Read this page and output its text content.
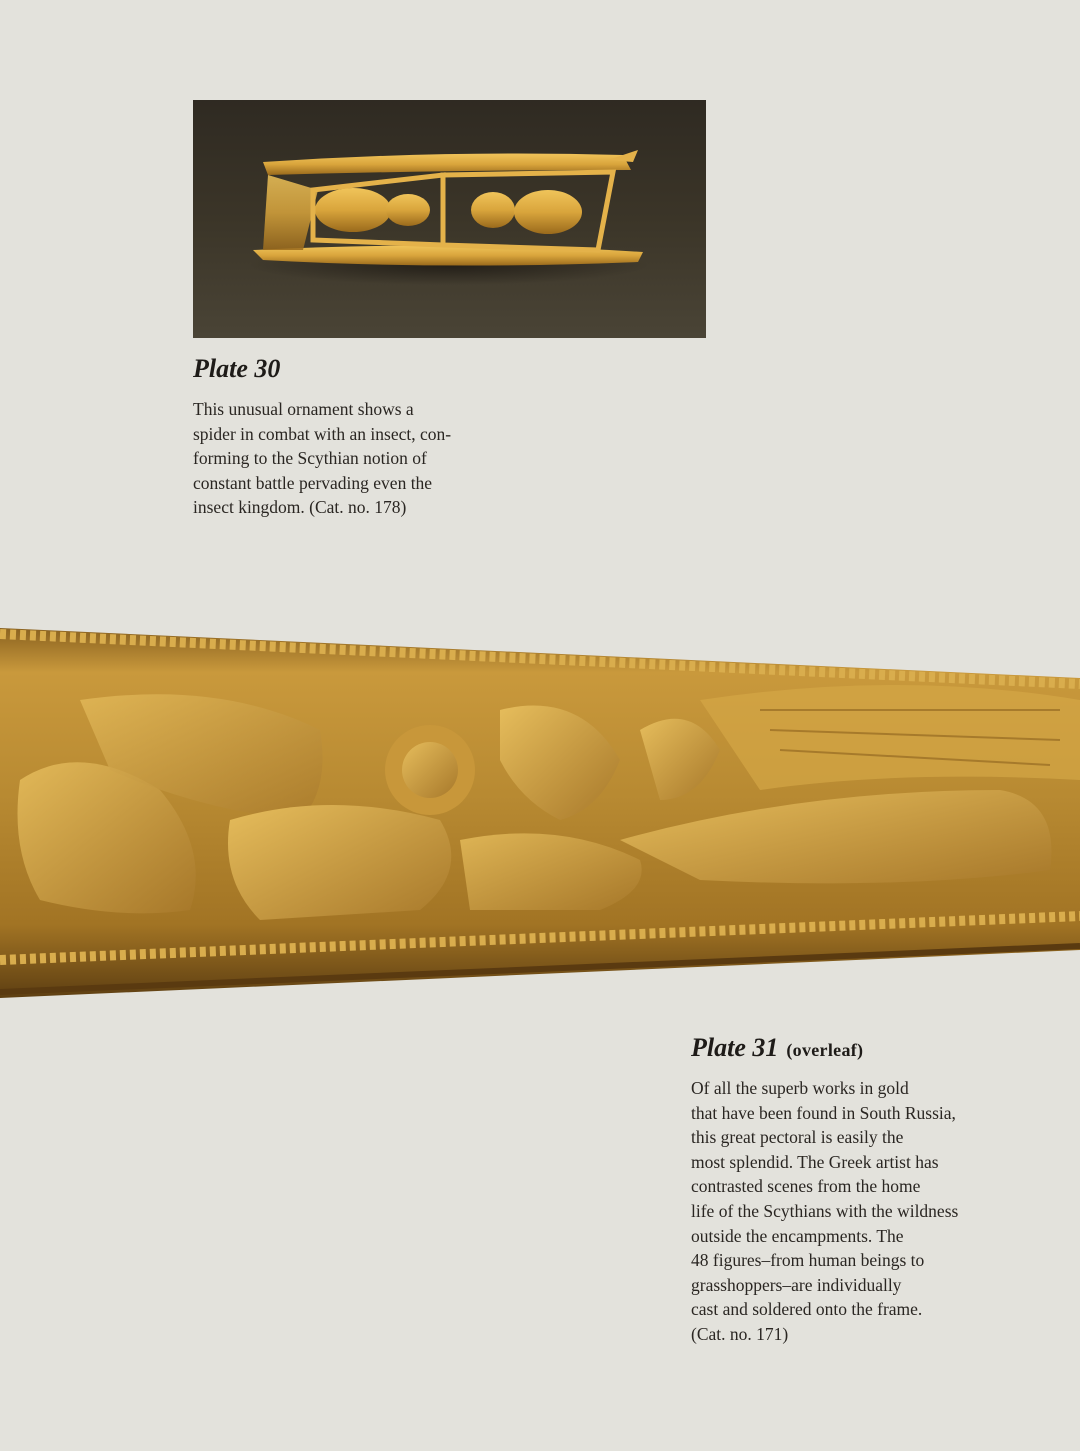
Plate 30

This unusual ornament shows a
spider in combat with an insect, con-
forming to the Scythian notion of
constant battle pervading even the
insect kingdom. (Cat. no. 178)

Plate 31 (overleaf)

Of all the superb works in gold
that have been found in South Russia,
this great pectoral is easily the
most splendid. The Greek artist has
contrasted scenes from the home
life of the Scythians with the wildness
outside the encampments. The
48 figures–from human beings to
grasshoppers–are individually
cast and soldered onto the frame.
(Cat. no. 171)
